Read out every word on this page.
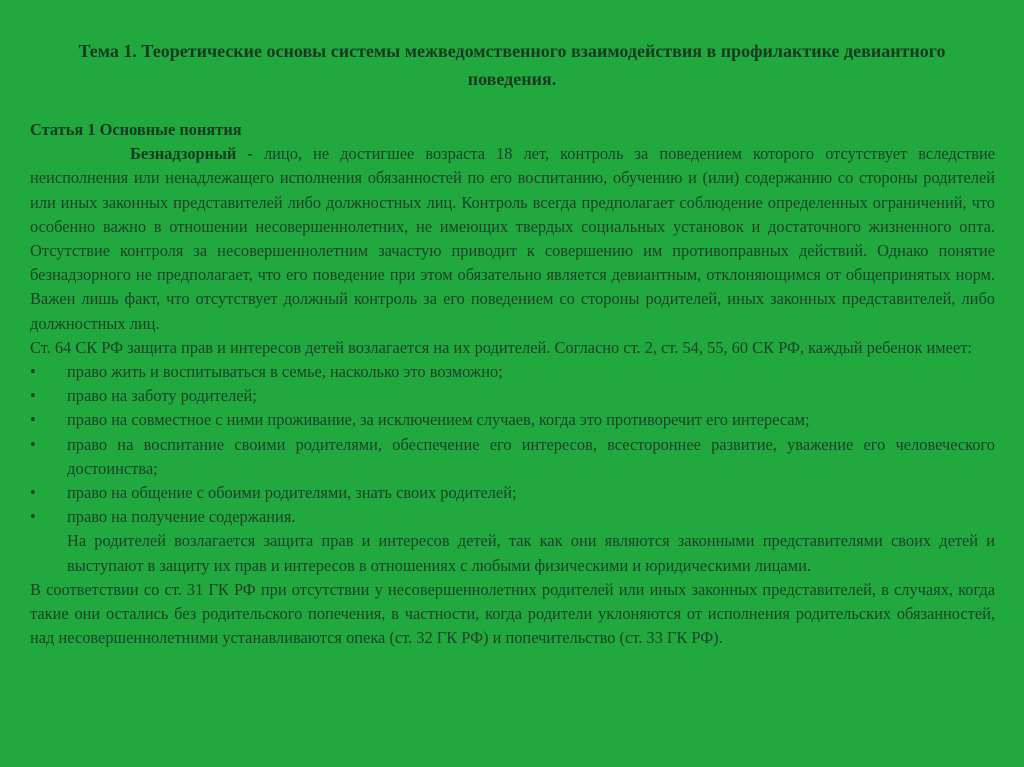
Тема 1. Теоретические основы системы межведомственного взаимодействия в профилактике девиантного поведения.
Статья 1 Основные понятия

Безнадзорный - лицо, не достигшее возраста 18 лет, контроль за поведением которого отсутствует вследствие неисполнения или ненадлежащего исполнения обязанностей по его воспитанию, обучению и (или) содержанию со стороны родителей или иных законных представителей либо должностных лиц. Контроль всегда предполагает соблюдение определенных ограничений, что особенно важно в отношении несовершеннолетних, не имеющих твердых социальных установок и достаточного жизненного опта. Отсутствие контроля за несовершеннолетним зачастую приводит к совершению им противоправных действий. Однако понятие безнадзорного не предполагает, что его поведение при этом обязательно является девиантным, отклоняющимся от общепринятых норм. Важен лишь факт, что отсутствует должный контроль за его поведением со стороны родителей, иных законных представителей, либо должностных лиц.

Ст. 64 СК РФ защита прав и интересов детей возлагается на их родителей. Согласно ст. 2, ст. 54, 55, 60 СК РФ, каждый ребенок имеет:

•	право жить и воспитываться в семье, насколько это возможно;
•	право на заботу родителей;
•	право на совместное с ними проживание, за исключением случаев, когда это противоречит его интересам;
•	право на воспитание своими родителями, обеспечение его интересов, всестороннее развитие, уважение его человеческого достоинства;
•	право на общение с обоими родителями, знать своих родителей;
•	право на получение содержания.

На родителей возлагается защита прав и интересов детей, так как они являются законными представителями своих детей и выступают в защиту их прав и интересов в отношениях с любыми физическими и юридическими лицами.

В соответствии со ст. 31 ГК РФ при отсутствии у несовершеннолетних родителей или иных законных представителей, в случаях, когда такие они остались без родительского попечения, в частности, когда родители уклоняются от исполнения родительских обязанностей, над несовершеннолетними устанавливаются опека (ст. 32 ГК РФ) и попечительство (ст. 33 ГК РФ).
